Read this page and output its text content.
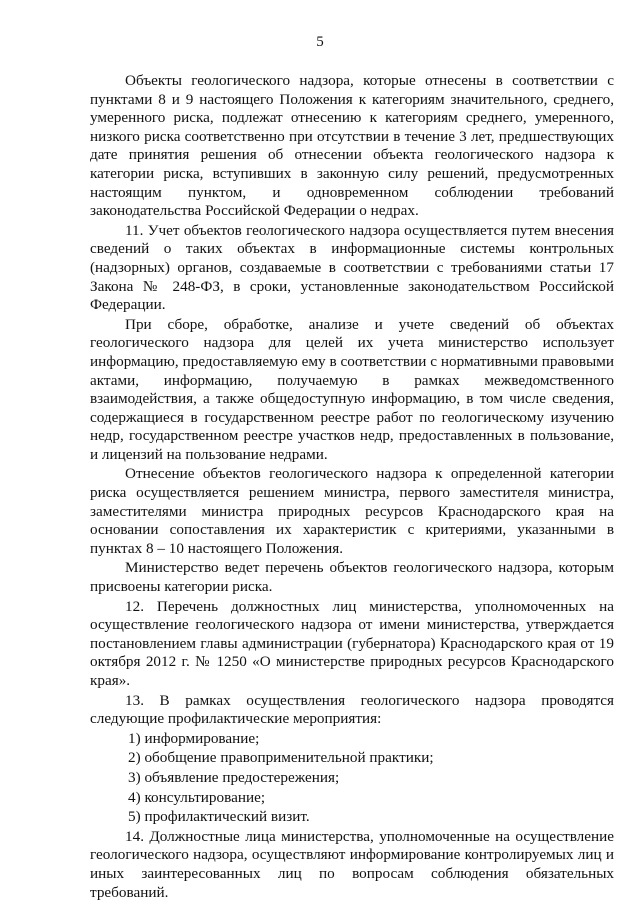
5

Объекты геологического надзора, которые отнесены в соответствии с пунктами 8 и 9 настоящего Положения к категориям значительного, среднего, умеренного риска, подлежат отнесению к категориям среднего, умеренного, низкого риска соответственно при отсутствии в течение 3 лет, предшествующих дате принятия решения об отнесении объекта геологического надзора к категории риска, вступивших в законную силу решений, предусмотренных настоящим пунктом, и одновременном соблюдении требований законодательства Российской Федерации о недрах.

11. Учет объектов геологического надзора осуществляется путем внесения сведений о таких объектах в информационные системы контрольных (надзорных) органов, создаваемые в соответствии с требованиями статьи 17 Закона № 248-ФЗ, в сроки, установленные законодательством Российской Федерации.

При сборе, обработке, анализе и учете сведений об объектах геологического надзора для целей их учета министерство использует информацию, предоставляемую ему в соответствии с нормативными правовыми актами, информацию, получаемую в рамках межведомственного взаимодействия, а также общедоступную информацию, в том числе сведения, содержащиеся в государственном реестре работ по геологическому изучению недр, государственном реестре участков недр, предоставленных в пользование, и лицензий на пользование недрами.

Отнесение объектов геологического надзора к определенной категории риска осуществляется решением министра, первого заместителя министра, заместителями министра природных ресурсов Краснодарского края на основании сопоставления их характеристик с критериями, указанными в пунктах 8 – 10 настоящего Положения.

Министерство ведет перечень объектов геологического надзора, которым присвоены категории риска.

12. Перечень должностных лиц министерства, уполномоченных на осуществление геологического надзора от имени министерства, утверждается постановлением главы администрации (губернатора) Краснодарского края от 19 октября 2012 г. № 1250 «О министерстве природных ресурсов Краснодарского края».

13. В рамках осуществления геологического надзора проводятся следующие профилактические мероприятия:

1) информирование;

2) обобщение правоприменительной практики;

3) объявление предостережения;

4) консультирование;

5) профилактический визит.

14. Должностные лица министерства, уполномоченные на осуществление геологического надзора, осуществляют информирование контролируемых лиц и иных заинтересованных лиц по вопросам соблюдения обязательных требований.
